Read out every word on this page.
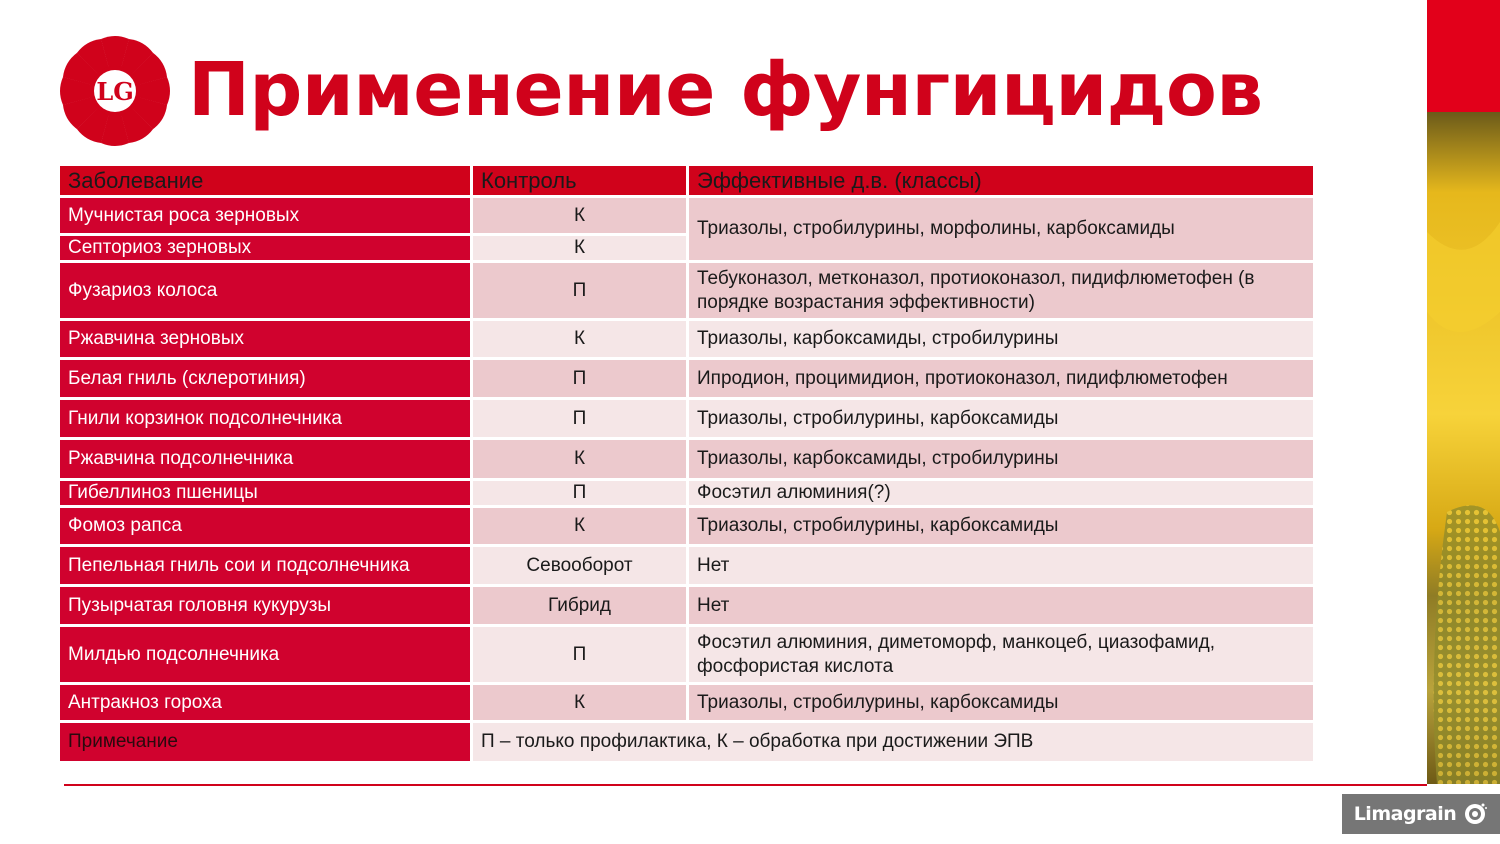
LG Применение фунгицидов
Заболевание	Контроль	Эффективные д.в. (классы)
Мучнистая роса зерновых	К	Триазолы, стробилурины, морфолины, карбоксамиды
Септориоз зерновых	К	
Фузариоз колоса	П	Тебуконазол, метконазол, протиоконазол, пидифлюметофен (в порядке возрастания эффективности)
Ржавчина зерновых	К	Триазолы, карбоксамиды, стробилурины
Белая гниль (склеротиния)	П	Ипродион, процимидион, протиоконазол, пидифлюметофен
Гнили корзинок подсолнечника	П	Триазолы, стробилурины, карбоксамиды
Ржавчина подсолнечника	К	Триазолы, карбоксамиды, стробилурины
Гибеллиноз пшеницы	П	Фосэтил алюминия(?)
Фомоз рапса	К	Триазолы, стробилурины, карбоксамиды
Пепельная гниль сои и подсолнечника	Севооборот	Нет
Пузырчатая головня кукурузы	Гибрид	Нет
Милдью подсолнечника	П	Фосэтил алюминия, диметоморф, манкоцеб, циазофамид, фосфористая кислота
Антракноз гороха	К	Триазолы, стробилурины, карбоксамиды
Примечание	П – только профилактика, К – обработка при достижении ЭПВ	
Limagrain
